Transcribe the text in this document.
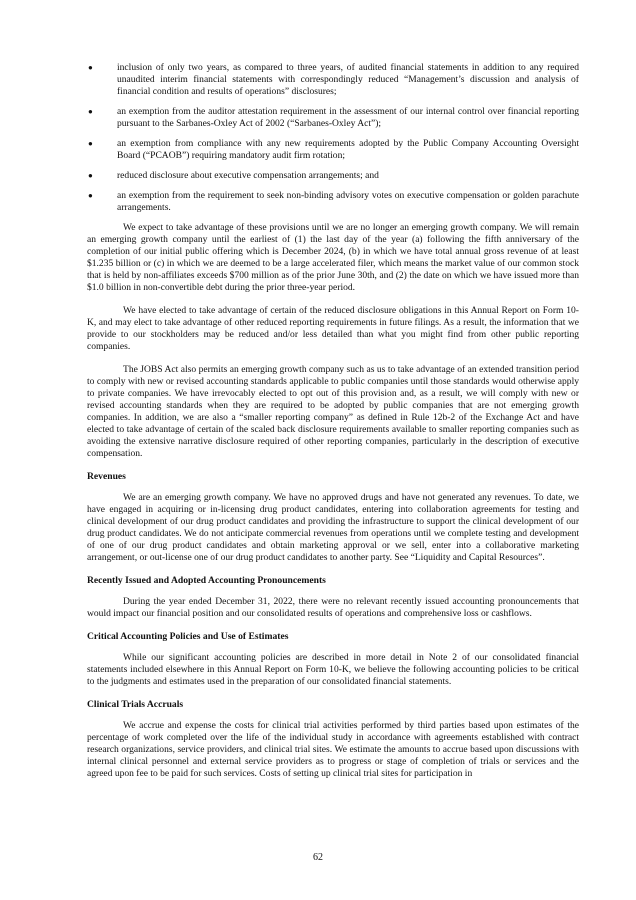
●	inclusion of only two years, as compared to three years, of audited financial statements in addition to any required unaudited interim financial statements with correspondingly reduced “Management’s discussion and analysis of financial condition and results of operations” disclosures;
●	an exemption from the auditor attestation requirement in the assessment of our internal control over financial reporting pursuant to the Sarbanes-Oxley Act of 2002 (“Sarbanes-Oxley Act”);
●	an exemption from compliance with any new requirements adopted by the Public Company Accounting Oversight Board (“PCAOB”) requiring mandatory audit firm rotation;
●	reduced disclosure about executive compensation arrangements; and
●	an exemption from the requirement to seek non-binding advisory votes on executive compensation or golden parachute arrangements.

We expect to take advantage of these provisions until we are no longer an emerging growth company. We will remain an emerging growth company until the earliest of (1) the last day of the year (a) following the fifth anniversary of the completion of our initial public offering which is December 2024, (b) in which we have total annual gross revenue of at least $1.235 billion or (c) in which we are deemed to be a large accelerated filer, which means the market value of our common stock that is held by non-affiliates exceeds $700 million as of the prior June 30th, and (2) the date on which we have issued more than $1.0 billion in non-convertible debt during the prior three-year period.

We have elected to take advantage of certain of the reduced disclosure obligations in this Annual Report on Form 10-K, and may elect to take advantage of other reduced reporting requirements in future filings. As a result, the information that we provide to our stockholders may be reduced and/or less detailed than what you might find from other public reporting companies.

The JOBS Act also permits an emerging growth company such as us to take advantage of an extended transition period to comply with new or revised accounting standards applicable to public companies until those standards would otherwise apply to private companies. We have irrevocably elected to opt out of this provision and, as a result, we will comply with new or revised accounting standards when they are required to be adopted by public companies that are not emerging growth companies. In addition, we are also a “smaller reporting company” as defined in Rule 12b-2 of the Exchange Act and have elected to take advantage of certain of the scaled back disclosure requirements available to smaller reporting companies such as avoiding the extensive narrative disclosure required of other reporting companies, particularly in the description of executive compensation.

Revenues

We are an emerging growth company. We have no approved drugs and have not generated any revenues. To date, we have engaged in acquiring or in-licensing drug product candidates, entering into collaboration agreements for testing and clinical development of our drug product candidates and providing the infrastructure to support the clinical development of our drug product candidates. We do not anticipate commercial revenues from operations until we complete testing and development of one of our drug product candidates and obtain marketing approval or we sell, enter into a collaborative marketing arrangement, or out-license one of our drug product candidates to another party. See “Liquidity and Capital Resources”.

Recently Issued and Adopted Accounting Pronouncements

During the year ended December 31, 2022, there were no relevant recently issued accounting pronouncements that would impact our financial position and our consolidated results of operations and comprehensive loss or cashflows.

Critical Accounting Policies and Use of Estimates

While our significant accounting policies are described in more detail in Note 2 of our consolidated financial statements included elsewhere in this Annual Report on Form 10-K, we believe the following accounting policies to be critical to the judgments and estimates used in the preparation of our consolidated financial statements.

Clinical Trials Accruals

We accrue and expense the costs for clinical trial activities performed by third parties based upon estimates of the percentage of work completed over the life of the individual study in accordance with agreements established with contract research organizations, service providers, and clinical trial sites. We estimate the amounts to accrue based upon discussions with internal clinical personnel and external service providers as to progress or stage of completion of trials or services and the agreed upon fee to be paid for such services. Costs of setting up clinical trial sites for participation in

62
